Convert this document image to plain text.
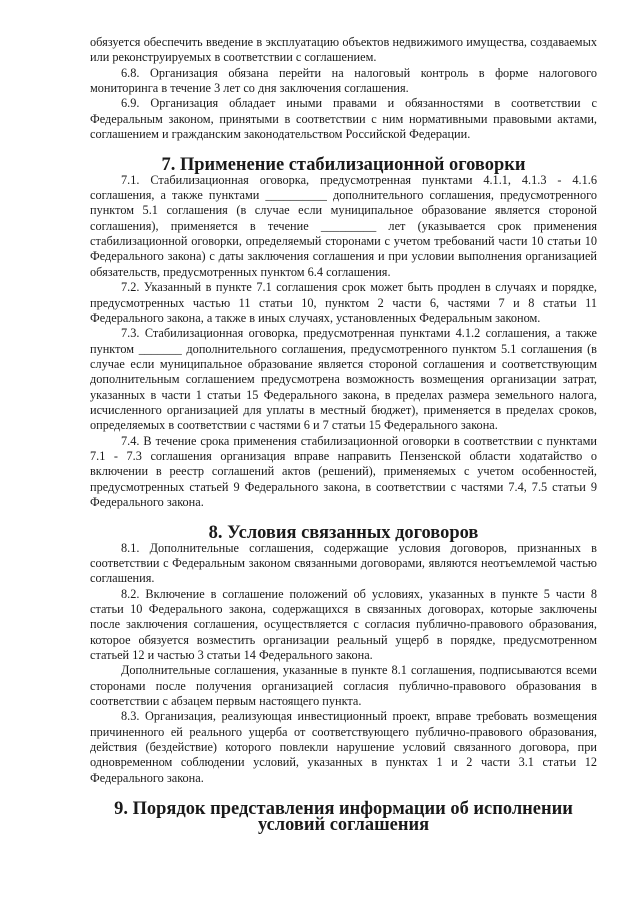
обязуется обеспечить введение в эксплуатацию объектов недвижимого имущества, создаваемых или реконструируемых в соответствии с соглашением.

6.8. Организация обязана перейти на налоговый контроль в форме налогового мониторинга в течение 3 лет со дня заключения соглашения.

6.9. Организация обладает иными правами и обязанностями в соответствии с Федеральным законом, принятыми в соответствии с ним нормативными правовыми актами, соглашением и гражданским законодательством Российской Федерации.

7. Применение стабилизационной оговорки

7.1. Стабилизационная оговорка, предусмотренная пунктами 4.1.1, 4.1.3 - 4.1.6 соглашения, а также пунктами __________ дополнительного соглашения, предусмотренного пунктом 5.1 соглашения (в случае если муниципальное образование является стороной соглашения), применяется в течение _________ лет (указывается срок применения стабилизационной оговорки, определяемый сторонами с учетом требований части 10 статьи 10 Федерального закона) с даты заключения соглашения и при условии выполнения организацией обязательств, предусмотренных пунктом 6.4 соглашения.

7.2. Указанный в пункте 7.1 соглашения срок может быть продлен в случаях и порядке, предусмотренных частью 11 статьи 10, пунктом 2 части 6, частями 7 и 8 статьи 11 Федерального закона, а также в иных случаях, установленных Федеральным законом.

7.3. Стабилизационная оговорка, предусмотренная пунктами 4.1.2 соглашения, а также пунктом _______ дополнительного соглашения, предусмотренного пунктом 5.1 соглашения (в случае если муниципальное образование является стороной соглашения и соответствующим дополнительным соглашением предусмотрена возможность возмещения организации затрат, указанных в части 1 статьи 15 Федерального закона, в пределах размера земельного налога, исчисленного организацией для уплаты в местный бюджет), применяется в пределах сроков, определяемых в соответствии с частями 6 и 7 статьи 15 Федерального закона.

7.4. В течение срока применения стабилизационной оговорки в соответствии с пунктами 7.1 - 7.3 соглашения организация вправе направить Пензенской области ходатайство о включении в реестр соглашений актов (решений), применяемых с учетом особенностей, предусмотренных статьей 9 Федерального закона, в соответствии с частями 7.4, 7.5 статьи 9 Федерального закона.

8. Условия связанных договоров

8.1. Дополнительные соглашения, содержащие условия договоров, признанных в соответствии с Федеральным законом связанными договорами, являются неотъемлемой частью соглашения.

8.2. Включение в соглашение положений об условиях, указанных в пункте 5 части 8 статьи 10 Федерального закона, содержащихся в связанных договорах, которые заключены после заключения соглашения, осуществляется с согласия публично-правового образования, которое обязуется возместить организации реальный ущерб в порядке, предусмотренном статьей 12 и частью 3 статьи 14 Федерального закона.

Дополнительные соглашения, указанные в пункте 8.1 соглашения, подписываются всеми сторонами после получения организацией согласия публично-правового образования в соответствии с абзацем первым настоящего пункта.

8.3. Организация, реализующая инвестиционный проект, вправе требовать возмещения причиненного ей реального ущерба от соответствующего публично-правового образования, действия (бездействие) которого повлекли нарушение условий связанного договора, при одновременном соблюдении условий, указанных в пунктах 1 и 2 части 3.1 статьи 12 Федерального закона.

9. Порядок представления информации об исполнении условий соглашения
